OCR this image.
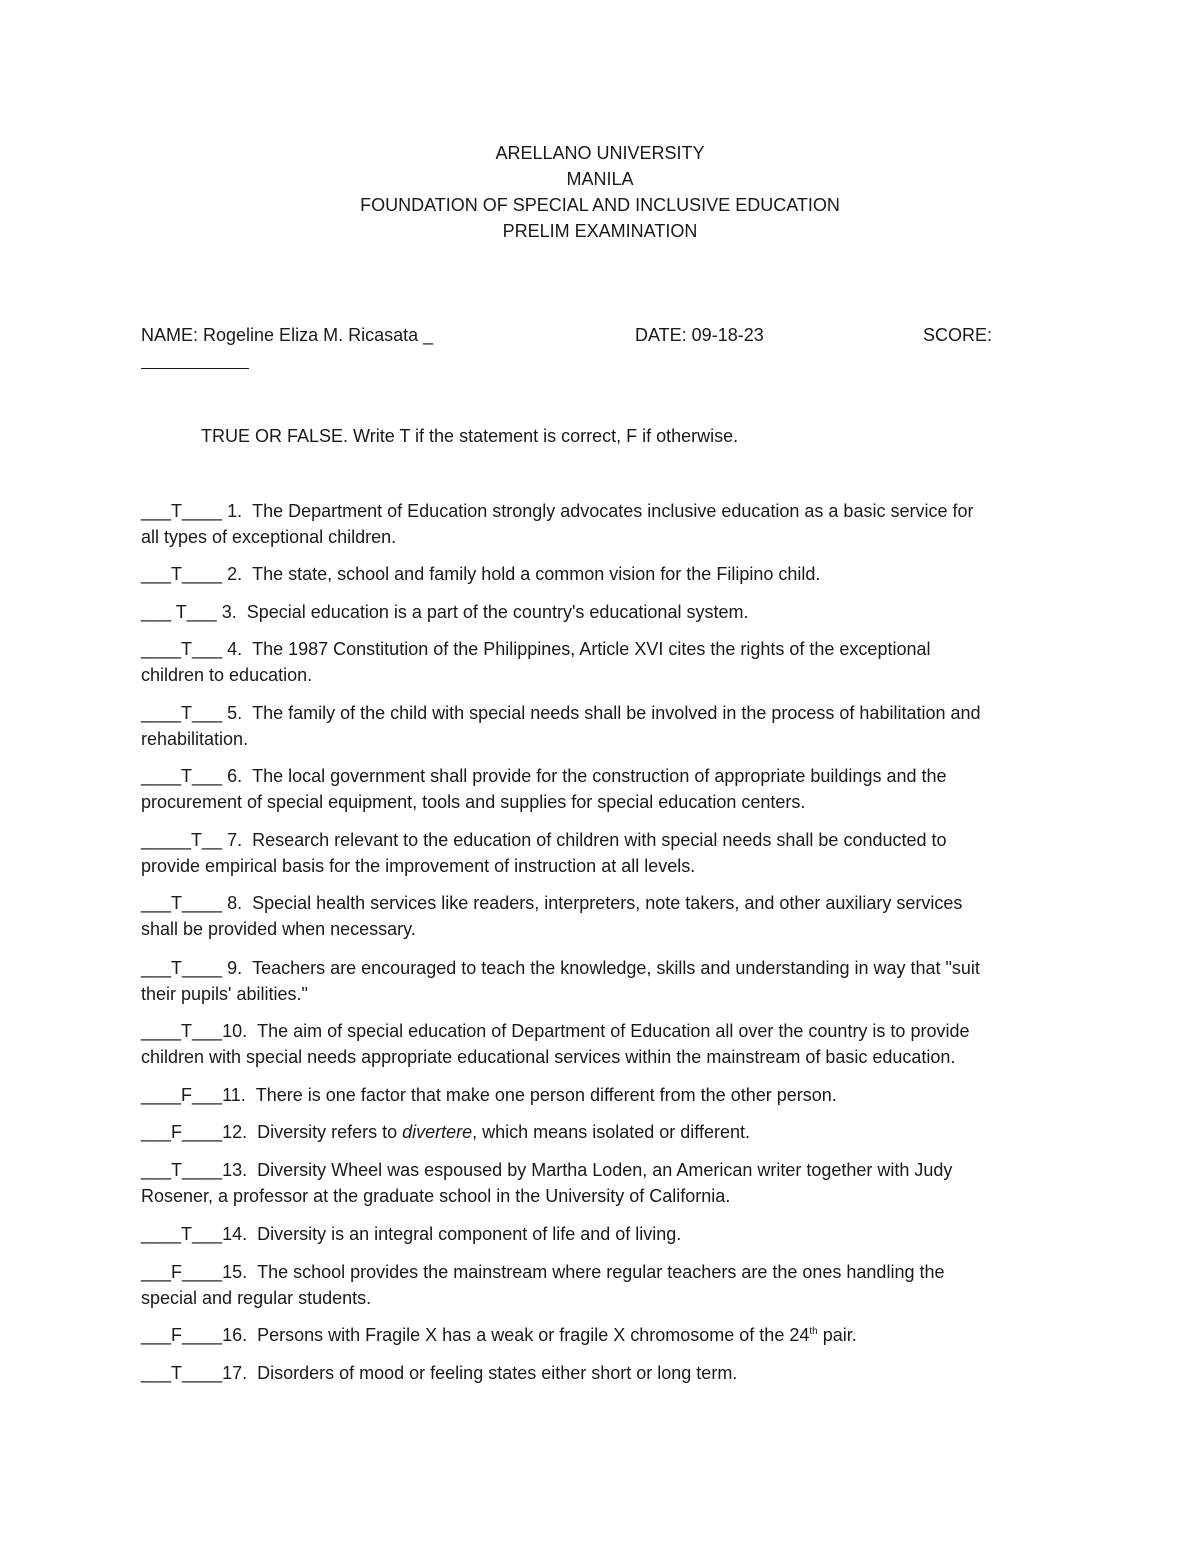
ARELLANO UNIVERSITY
MANILA
FOUNDATION OF SPECIAL AND INCLUSIVE EDUCATION
PRELIM EXAMINATION
NAME: Rogeline Eliza M. Ricasata _	DATE: 09-18-23	SCORE:
TRUE OR FALSE. Write T if the statement is correct, F if otherwise.
___T____ 1. The Department of Education strongly advocates inclusive education as a basic service for
all types of exceptional children.
___T____ 2. The state, school and family hold a common vision for the Filipino child.
___ T___ 3. Special education is a part of the country's educational system.
____T___ 4. The 1987 Constitution of the Philippines, Article XVI cites the rights of the exceptional
children to education.
____T___ 5. The family of the child with special needs shall be involved in the process of habilitation and
rehabilitation.
____T___ 6. The local government shall provide for the construction of appropriate buildings and the
procurement of special equipment, tools and supplies for special education centers.
_____T__ 7. Research relevant to the education of children with special needs shall be conducted to
provide empirical basis for the improvement of instruction at all levels.
___T____ 8. Special health services like readers, interpreters, note takers, and other auxiliary services
shall be provided when necessary.
___T____ 9. Teachers are encouraged to teach the knowledge, skills and understanding in way that "suit
their pupils' abilities."
____T___10. The aim of special education of Department of Education all over the country is to provide
children with special needs appropriate educational services within the mainstream of basic education.
____F___11. There is one factor that make one person different from the other person.
___F____12. Diversity refers to divertere, which means isolated or different.
___T____13. Diversity Wheel was espoused by Martha Loden, an American writer together with Judy
Rosener, a professor at the graduate school in the University of California.
____T___14. Diversity is an integral component of life and of living.
___F____15. The school provides the mainstream where regular teachers are the ones handling the
special and regular students.
___F____16. Persons with Fragile X has a weak or fragile X chromosome of the 24th pair.
___T____17. Disorders of mood or feeling states either short or long term.
